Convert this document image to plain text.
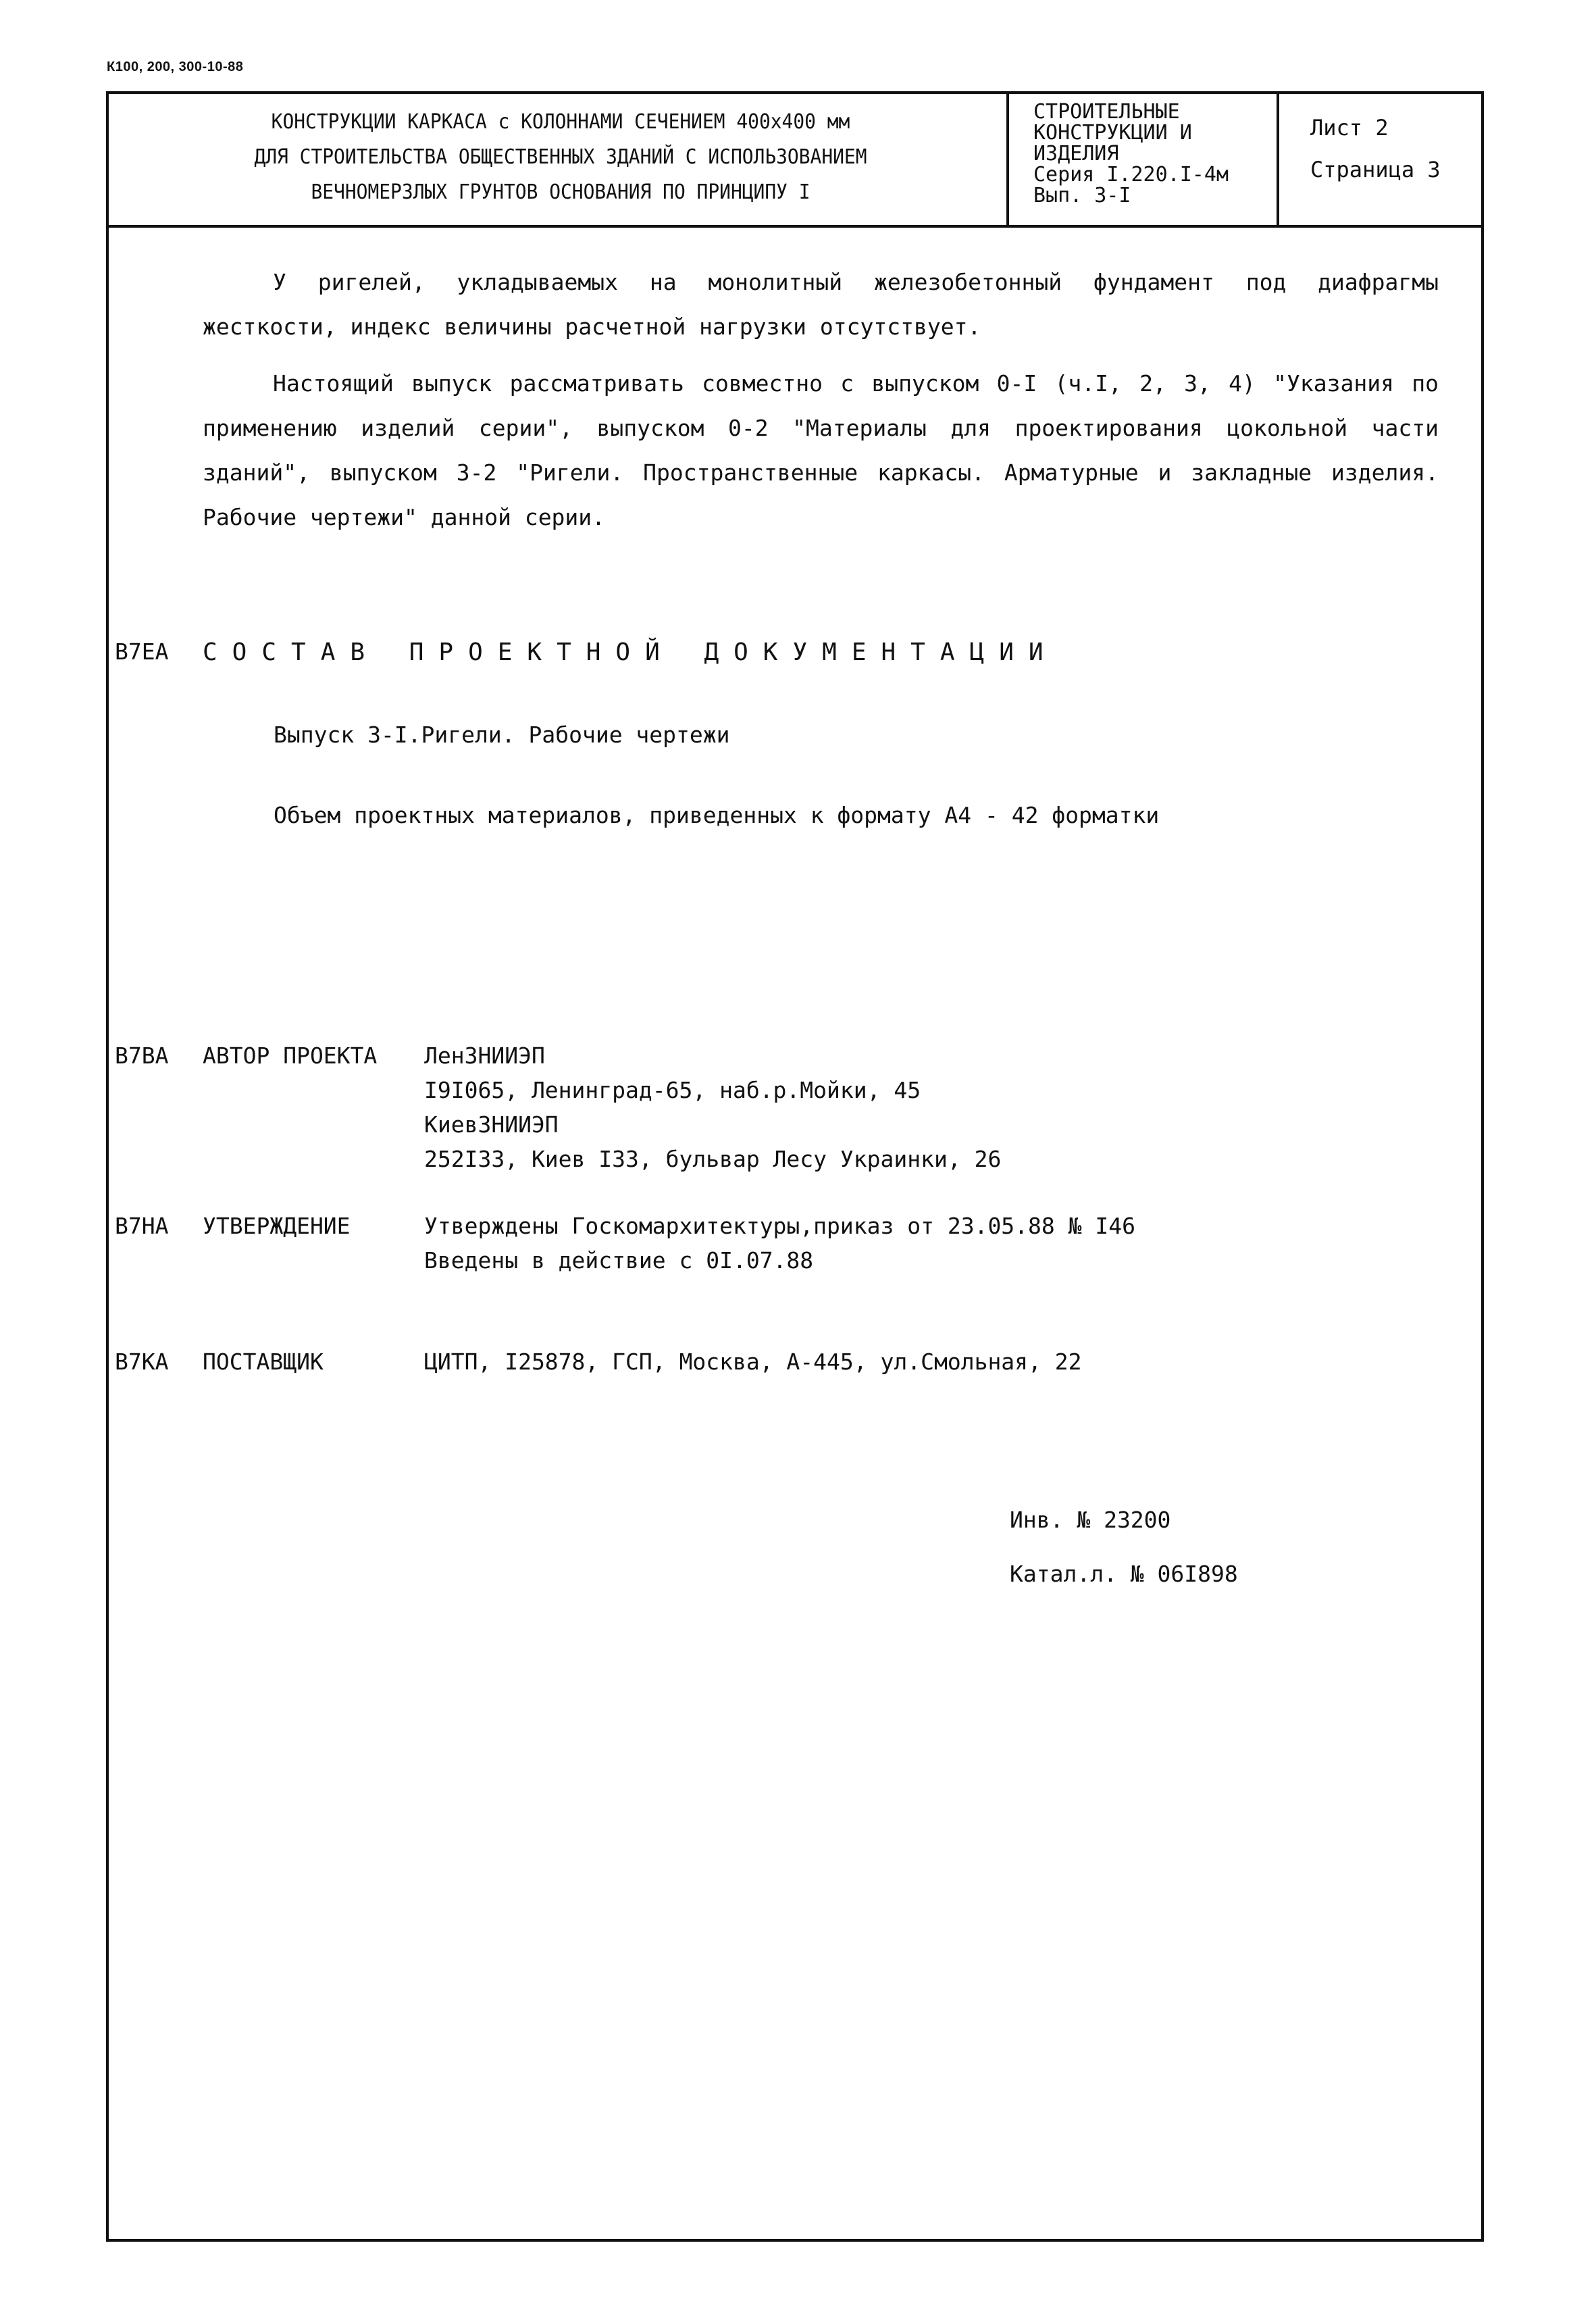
К100, 200, 300-10-88
КОНСТРУКЦИИ КАРКАСА с КОЛОННАМИ СЕЧЕНИЕМ 400х400 мм
ДЛЯ СТРОИТЕЛЬСТВА ОБЩЕСТВЕННЫХ ЗДАНИЙ С ИСПОЛЬЗОВАНИЕМ
ВЕЧНОМЕРЗЛЫХ ГРУНТОВ ОСНОВАНИЯ ПО ПРИНЦИПУ I
СТРОИТЕЛЬНЫЕ
КОНСТРУКЦИИ И
ИЗДЕЛИЯ
Серия I.220.I-4м
Вып. 3-I
Лист 2
Страница 3
У ригелей, укладываемых на монолитный железобетонный фундамент под диафрагмы жесткости, индекс величины расчетной нагрузки отсутствует.
Настоящий выпуск рассматривать совместно с выпуском 0-I (ч.I, 2, 3, 4) "Указания по применению изделий серии", выпуском 0-2 "Материалы для проектирования цокольной части зданий", выпуском 3-2 "Ригели. Пространственные каркасы. Арматурные и закладные изделия. Рабочие чертежи" данной серии.
В7ЕА СОСТАВ ПРОЕКТНОЙ ДОКУМЕНТАЦИИ
Выпуск 3-I.Ригели. Рабочие чертежи
Объем проектных материалов, приведенных к формату А4 - 42 форматки
В7ВА АВТОР ПРОЕКТА ЛенЗНИИЭП
I9I065, Ленинград-65, наб.р.Мойки, 45
КиевЗНИИЭП
252I33, Киев I33, бульвар Лесу Украинки, 26
В7НА УТВЕРЖДЕНИЕ	Утверждены Госкомархитектуры,приказ от 23.05.88 № I46
Введены в действие с 0I.07.88
В7КА ПОСТАВЩИК	ЦИТП, I25878, ГСП, Москва, А-445, ул.Смольная, 22
Инв. № 23200
Катал.л. № 06I898
